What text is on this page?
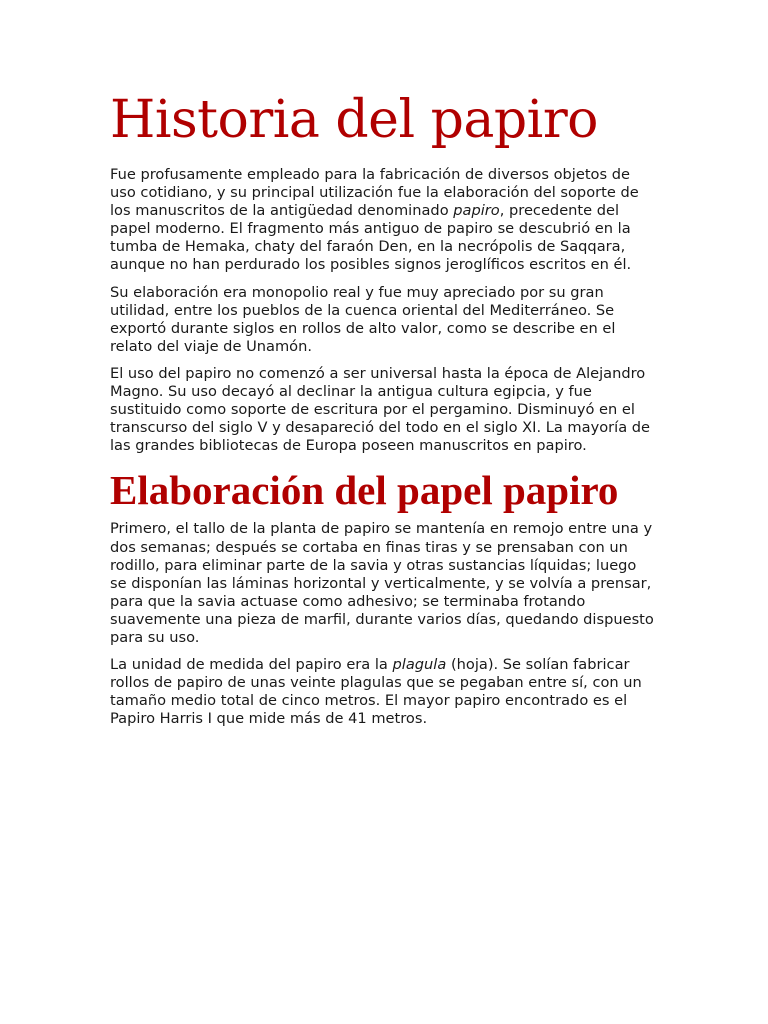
Historia del papiro

Fue profusamente empleado para la fabricación de diversos objetos de uso cotidiano, y su principal utilización fue la elaboración del soporte de los manuscritos de la antigüedad denominado papiro, precedente del papel moderno. El fragmento más antiguo de papiro se descubrió en la tumba de Hemaka, chaty del faraón Den, en la necrópolis de Saqqara, aunque no han perdurado los posibles signos jeroglíficos escritos en él.

Su elaboración era monopolio real y fue muy apreciado por su gran utilidad, entre los pueblos de la cuenca oriental del Mediterráneo. Se exportó durante siglos en rollos de alto valor, como se describe en el relato del viaje de Unamón.

El uso del papiro no comenzó a ser universal hasta la época de Alejandro Magno. Su uso decayó al declinar la antigua cultura egipcia, y fue sustituido como soporte de escritura por el pergamino. Disminuyó en el transcurso del siglo V y desapareció del todo en el siglo XI. La mayoría de las grandes bibliotecas de Europa poseen manuscritos en papiro.

Elaboración del papel papiro

Primero, el tallo de la planta de papiro se mantenía en remojo entre una y dos semanas; después se cortaba en finas tiras y se prensaban con un rodillo, para eliminar parte de la savia y otras sustancias líquidas; luego se disponían las láminas horizontal y verticalmente, y se volvía a prensar, para que la savia actuase como adhesivo; se terminaba frotando suavemente una pieza de marfil, durante varios días, quedando dispuesto para su uso.

La unidad de medida del papiro era la plagula (hoja). Se solían fabricar rollos de papiro de unas veinte plagulas que se pegaban entre sí, con un tamaño medio total de cinco metros. El mayor papiro encontrado es el Papiro Harris I que mide más de 41 metros.
